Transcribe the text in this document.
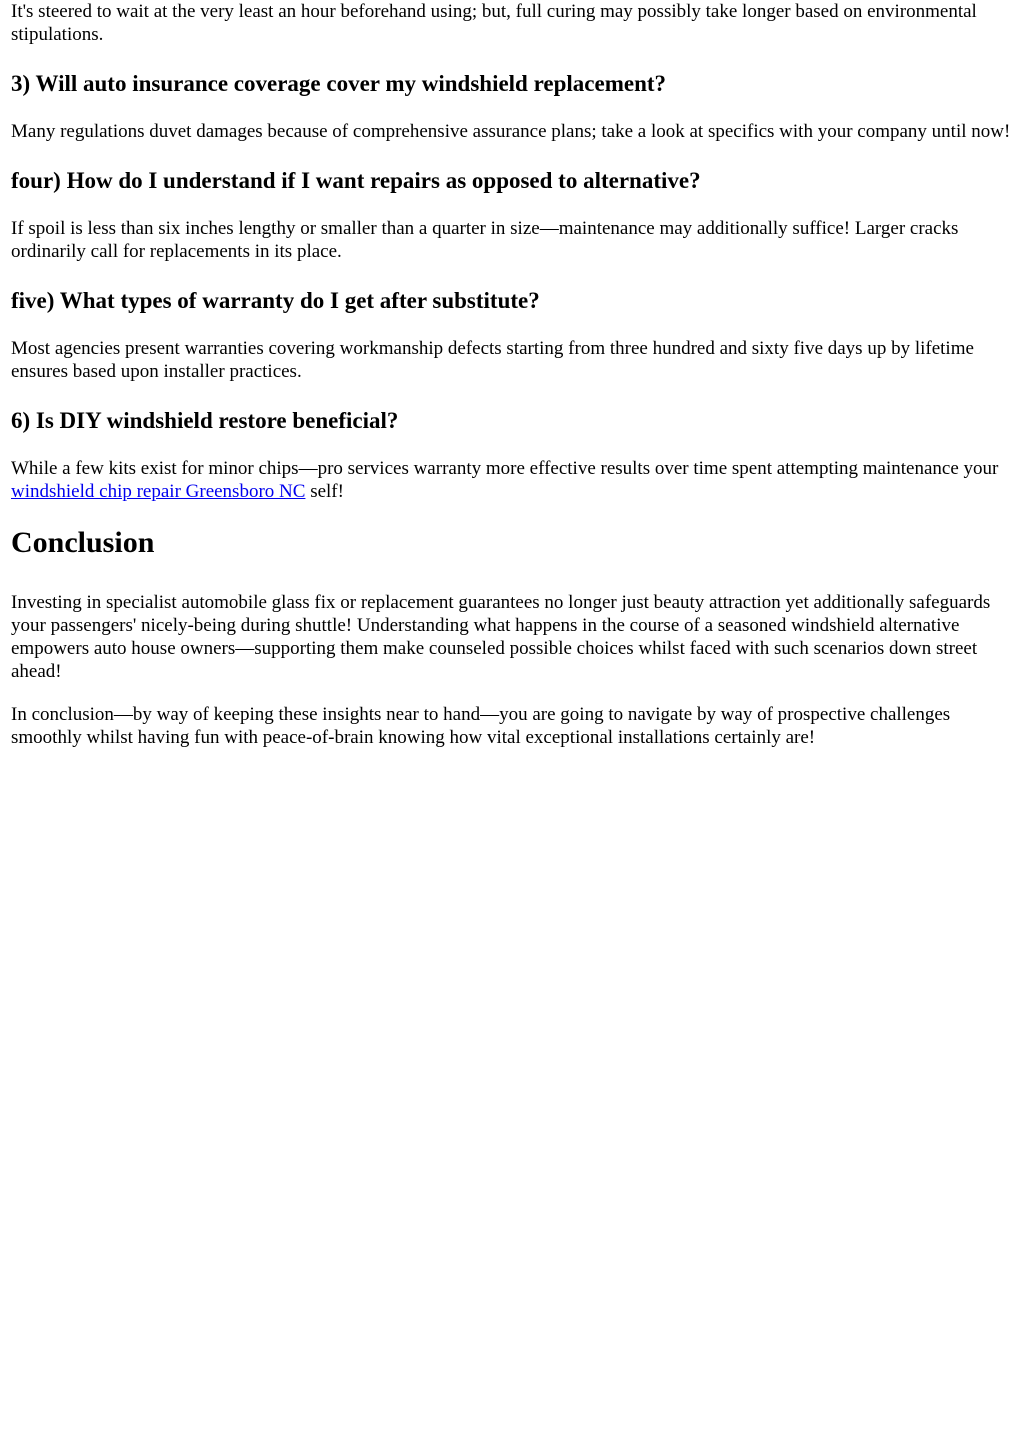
It's steered to wait at the very least an hour beforehand using; but, full curing may possibly take longer based on environmental stipulations.

3) Will auto insurance coverage cover my windshield replacement?

Many regulations duvet damages because of comprehensive assurance plans; take a look at specifics with your company until now!

four) How do I understand if I want repairs as opposed to alternative?

If spoil is less than six inches lengthy or smaller than a quarter in size—maintenance may additionally suffice! Larger cracks ordinarily call for replacements in its place.

five) What types of warranty do I get after substitute?

Most agencies present warranties covering workmanship defects starting from three hundred and sixty five days up by lifetime ensures based upon installer practices.

6) Is DIY windshield restore beneficial?

While a few kits exist for minor chips—pro services warranty more effective results over time spent attempting maintenance your windshield chip repair Greensboro NC self!

Conclusion

Investing in specialist automobile glass fix or replacement guarantees no longer just beauty attraction yet additionally safeguards your passengers' nicely-being during shuttle! Understanding what happens in the course of a seasoned windshield alternative empowers auto house owners—supporting them make counseled possible choices whilst faced with such scenarios down street ahead!

In conclusion—by way of keeping these insights near to hand—you are going to navigate by way of prospective challenges smoothly whilst having fun with peace-of-brain knowing how vital exceptional installations certainly are!
